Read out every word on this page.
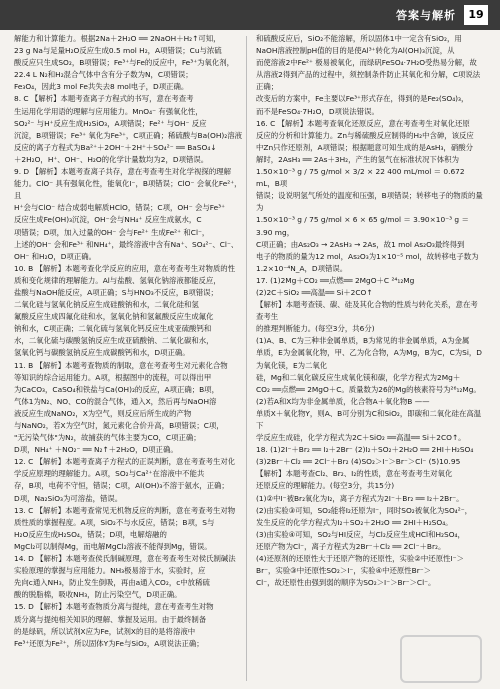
答案与解析	19

解能力和计算能力。根据2Na＋2H₂O ══ 2NaOH＋H₂↑可知，

23 g Na与足量H₂O反应生成0.5 mol H₂，A项错误；Cu与浓硫

酸反应只生成SO₂，B项错误；Fe³⁺与Fe的反应中，Fe³⁺为氧化剂，

22.4 L N₂和H₂混合气体中含有分子数为N，C项错误；

Fe₃O₄，因此3 mol Fe共失去8 mol电子，D项正确。

8. C 【解析】本题考查离子方程式的书写，意在考查考

生运用化学用语的理解与应用能力。MnO₄⁻ 有强氧化性，

SO₂²⁻ 与H⁺反应生成H₂SiO₃，A项错误；Fe²⁺ 与OH⁻ 反应

沉淀，B项错误；Fe³⁺ 氧化为Fe³⁺，C项正确；稀硫酸与Ba(OH)₂溶液

反应的离子方程式为Ba²⁺＋2OH⁻＋2H⁺＋SO₄²⁻ ══ BaSO₄↓

＋2H₂O，H⁺、OH⁻、H₂O的化学计量数均为2，D项错误。

9. D 【解析】本题考查离子共存，意在考查考生对化学视探的理解

能力。ClO⁻ 具有强氧化性，能氧化I⁻，B项错误；ClO⁻ 会氧化Fe²⁺，且

H⁺会与ClO⁻ 结合成弱电解质HClO，错误；C项，OH⁻ 会与Fe³⁺

反应生成Fe(OH)₃沉淀，OH⁻会与NH₄⁺ 反应生成氨水，C

项错误；D项，加入过量的OH⁻ 会与Fe²⁺ 生成Fe²⁺ 和Cl⁻，

上述的OH⁻ 会和Fe³⁺ 和NH₄⁺，最终溶液中含有Na⁺、SO₄²⁻、Cl⁻、

OH⁻ 和H₂O，D项正确。

10. B 【解析】本题考查化学反应的应用，意在考查考生对物质的性

质和变化规律的理解能力。Al与盐酸、氢氧化钠溶液都能反应，

盐酸与NaOH能反应，A项正确；S与HNO₃不反应，B项错误；

二氧化硅与氢氧化钠反应生成硅酸钠和水，二氧化硅和氢

氟酸反应生成四氟化硅和水，氢氧化钠和氢氟酸反应生成氟化

钠和水，C项正确；二氧化硫与氢氧化钙反应生成亚硫酸钙和

水，二氧化硫与碳酸氢钠反应生成亚硫酸钠、二氧化碳和水，

氢氧化钙与碳酸氢钠反应生成碳酸钙和水，D项正确。

11. B 【解析】本题考查物质的制取，意在考查考生对元素化合物

等知识的综合运用能力。A项，根据图中的流程，可以得出甲

为CaCO₃，CaSO₄和铁盐与Ca(OH)₂的反应，A项正确；B项，

气体1为N₂、NO、CO的混合气体，通入X，然后再与NaOH溶

液反应生成NaNO₂，X为空气，则反应后所生成的产物

与NaNO₂，若X为空气时，氮元素化合价升高，B项错误；C项，

"无污染气体"为N₂，故捕获的气体主要为CO，C项正确；

D项，NH₄⁺ ＋NO₂⁻ ══ N₂↑＋2H₂O，D项正确。

12. C 【解析】本题考查离子方程式的正误判断，意在考查考生对化

学反应原理的理解能力。A项，SO₂与Ca²⁺在溶液中不能共

存，B项，电荷不守恒，错误；C项，Al(OH)₃不溶于氨水，正确；

D项，Na₂SiO₃为可溶盐，错误。

13. C 【解析】本题考查常见无机物反应的判断，意在考查考生对物

质性质的掌握程度。A项，SiO₂不与水反应，错误；B项，S与

H₂O反应生成H₂SO₄，错误；D项，电解熔融的

MgCl₂可以制得Mg，而电解MgCl₂溶液不能得到Mg，错误。

14. D 【解析】本题考查侯氏制碱原理，意在考查考生对侯氏制碱法

实验原理的掌握与应用能力。NH₃极易溶于水，实验时，应

先向c通入NH₃，防止发生倒吸，再由a通入CO₂，c中放稀硫

酸的脱脂棉，吸收NH₃，防止污染空气，D项正确。

15. D 【解析】本题考查物质分离与提纯，意在考查考生对物

质分离与提纯相关知识的理解、掌握及运用。由于最终制备

的是绿矾，所以试剂X应为Fe，试剂X的目的是将溶液中

Fe³⁺还原为Fe²⁺，所以固体Y为Fe与SiO₂，A项说法正确；

和硫酸反应后，SiO₂不能溶解，所以固体1中一定含有SiO₂，用

NaOH溶液控制pH值的目的是使Al³⁺转化为Al(OH)₃沉淀，从

而使溶液2中Fe²⁺ 极易被氧化，而绿矾FeSO₄·7H₂O受热易分解，故

从溶液2得到产品的过程中，须控制条件防止其氧化和分解，C项说法正确；

改变后的方案中，Fe主要以Fe³⁺形式存在，得到的是Fe₂(SO₄)₃，

而不是FeSO₄·7H₂O，D项说法错误。

16. C 【解析】本题考查氧化还原反应，意在考查考生对氧化还原

反应的分析和计算能力。Zn与稀硫酸反应制得的H₂中含砷，该反应

中Zn只作还原剂，A项错误；根据题意可知生成的是AsH₃，硝酸分

解时，2AsH₃ ══ 2As＋3H₂，产生的氢气在标准状况下体积为

1.50×10⁻³ g / 75 g/mol × 3/2 × 22 400 mL/mol ＝ 0.672 mL，B项

错误；设说明氢气所处的温度和压强，B项错误；转移电子的物质的量为

1.50×10⁻³ g / 75 g/mol × 6 × 65 g/mol ＝ 3.90×10⁻³ g ＝ 3.90 mg，

C项正确；由As₂O₃ → 2AsH₃ → 2As，故1 mol As₂O₃最终得到

电子的物质的量为12 mol，As₂O₃为1×10⁻⁵ mol，故转移电子数为

1.2×10⁻⁴N_A，D项错误。

17. (1)2Mg＋CO₂ ══点燃══ 2MgO＋C ²⁴₁₂Mg

(2)2C＋SiO₂ ══高温══ Si＋2CO↑

【解析】本题考查镁、碳、硅及其化合物的性质与转化关系，意在考查考生

的推理判断能力。(每空3分，共6分)

(1)A、B、C为三种非金属单质，B为常见的非金属单质，A为金属

单质，E为金属氧化物，甲、乙为化合物，A为Mg，B为C，C为Si，D为氧化镁，E为二氧化

硅，Mg和二氧化碳反应生成氧化镁和碳，化学方程式为2Mg＋

CO₂ ══点燃══ 2MgO＋C。质量数为26的Mg的核素符号为²⁶₁₂Mg。

(2)若A和X均为非金属单质，化合物A＋氧化物B ——

单质X＋氧化物Y，则A、B可分别为C和SiO₂，即碳和二氧化硅在高温下

学反应生成硅，化学方程式为2C＋SiO₂ ══高温══ Si＋2CO↑。

18. (1)2I⁻＋Br₂ ══ I₂＋2Br⁻ (2)I₂＋SO₂＋2H₂O ══ 2HI＋H₂SO₄

(3)2Br⁻＋Cl₂ ══ 2Cl⁻＋Br₂ (4)SO₂＞I⁻＞Br⁻＞Cl⁻ (5)10.95

【解析】本题考查Cl₂、Br₂、I₂的性质，意在考查考生对氧化

还原反应的理解能力。(每空3分，共15分)

(1)②中I⁻被Br₂氧化为I₂，离子方程式为2I⁻＋Br₂ ══ I₂＋2Br⁻。

(2)由实验③可知，SO₂能将I₂还原为I⁻，同时SO₂被氧化为SO₄²⁻，

发生反应的化学方程式为I₂＋SO₂＋2H₂O ══ 2HI＋H₂SO₄。

(3)由实验④可知，SO₂与HI反应，与Cl₂反应生成HCl和H₂SO₄，

还原产物为Cl⁻，离子方程式为2Br⁻＋Cl₂ ══ 2Cl⁻＋Br₂。

(4)还原剂的还原性大于还原产物的还原性，实验②中还原性I⁻＞

Br⁻，实验③中还原性SO₂＞I⁻，实验④中还原性Br⁻＞

Cl⁻，故还原性由强到弱的顺序为SO₂＞I⁻＞Br⁻＞Cl⁻。
